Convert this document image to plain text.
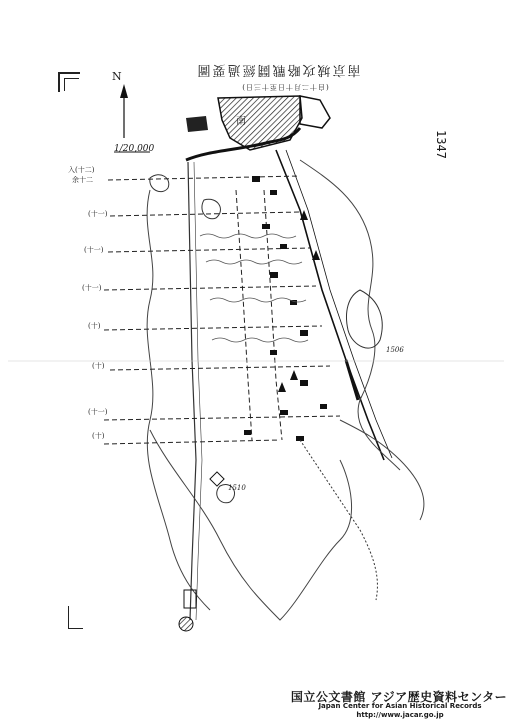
南京城攻略戰鬪經過要圖
(自十二月十日至十三日)
1347
N
1/20,000
南
入(十二)
余十二
(十一)
(十一)
(十一)
(十)
(十)
(十一)
(十)
1506
1510
国立公文書館 アジア歴史資料センター
Japan Center for Asian Historical Records
http://www.jacar.go.jp
